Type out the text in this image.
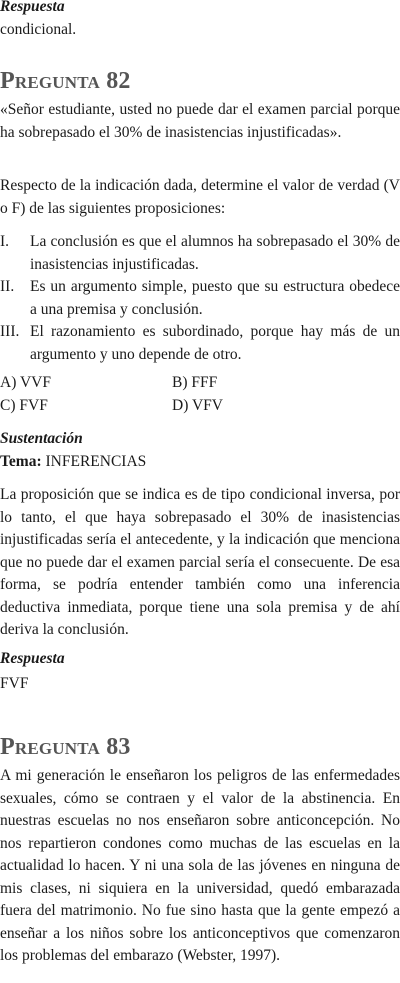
Respuesta
condicional.
Pregunta 82

«Señor estudiante, usted no puede dar el examen parcial porque ha sobrepasado el 30% de inasistencias injustificadas».

Respecto de la indicación dada, determine el valor de verdad (V o F) de las siguientes proposiciones:

I.	La conclusión es que el alumnos ha sobrepasado el 30% de inasistencias injustificadas.
II.	Es un argumento simple, puesto que su estructura obedece a una premisa y conclusión.
III. El razonamiento es subordinado, porque hay más de un argumento y uno depende de otro.
A) VVF	B) FFF
C) FVF	D) VFV
Sustentación
Tema: INFERENCIAS

La proposición que se indica es de tipo condicional inversa, por lo tanto, el que haya sobrepasado el 30% de inasistencias injustificadas sería el antecedente, y la indicación que menciona que no puede dar el examen parcial sería el consecuente. De esa forma, se podría entender también como una inferencia deductiva inmediata, porque tiene una sola premisa y de ahí deriva la conclusión.

Respuesta
FVF
Pregunta 83

A mi generación le enseñaron los peligros de las enfermedades sexuales, cómo se contraen y el valor de la abstinencia. En nuestras escuelas no nos enseñaron sobre anticoncepción. No nos repartieron condones como muchas de las escuelas en la actualidad lo hacen. Y ni una sola de las jóvenes en ninguna de mis clases, ni siquiera en la universidad, quedó embarazada fuera del matrimonio. No fue sino hasta que la gente empezó a enseñar a los niños sobre los anticonceptivos que comenzaron los problemas del embarazo (Webster, 1997).
